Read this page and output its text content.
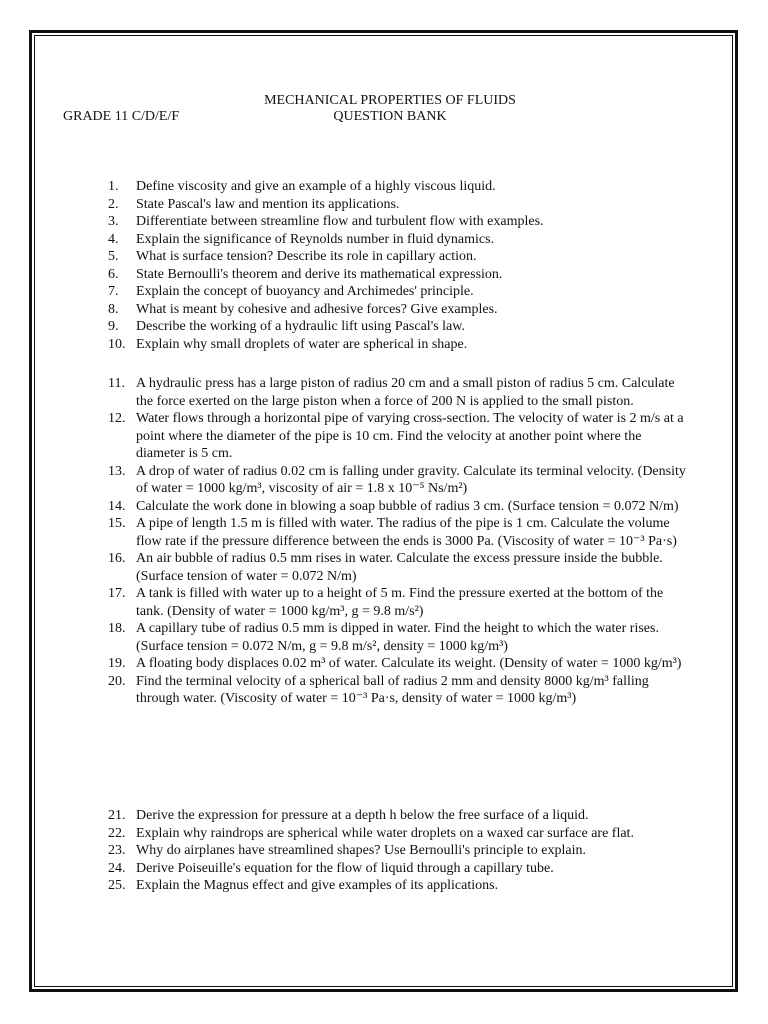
MECHANICAL PROPERTIES OF FLUIDS
QUESTION BANK
GRADE 11 C/D/E/F
1.	Define viscosity and give an example of a highly viscous liquid.
2.	State Pascal's law and mention its applications.
3.	Differentiate between streamline flow and turbulent flow with examples.
4.	Explain the significance of Reynolds number in fluid dynamics.
5.	What is surface tension? Describe its role in capillary action.
6.	State Bernoulli's theorem and derive its mathematical expression.
7.	Explain the concept of buoyancy and Archimedes' principle.
8.	What is meant by cohesive and adhesive forces? Give examples.
9.	Describe the working of a hydraulic lift using Pascal's law.
10. Explain why small droplets of water are spherical in shape.
11. A hydraulic press has a large piston of radius 20 cm and a small piston of radius 5 cm. Calculate the force exerted on the large piston when a force of 200 N is applied to the small piston.
12. Water flows through a horizontal pipe of varying cross-section. The velocity of water is 2 m/s at a point where the diameter of the pipe is 10 cm. Find the velocity at another point where the diameter is 5 cm.
13. A drop of water of radius 0.02 cm is falling under gravity. Calculate its terminal velocity. (Density of water = 1000 kg/m³, viscosity of air = 1.8 x 10⁻⁵ Ns/m²)
14. Calculate the work done in blowing a soap bubble of radius 3 cm. (Surface tension = 0.072 N/m)
15. A pipe of length 1.5 m is filled with water. The radius of the pipe is 1 cm. Calculate the volume flow rate if the pressure difference between the ends is 3000 Pa. (Viscosity of water = 10⁻³ Pa·s)
16. An air bubble of radius 0.5 mm rises in water. Calculate the excess pressure inside the bubble. (Surface tension of water = 0.072 N/m)
17. A tank is filled with water up to a height of 5 m. Find the pressure exerted at the bottom of the tank. (Density of water = 1000 kg/m³, g = 9.8 m/s²)
18. A capillary tube of radius 0.5 mm is dipped in water. Find the height to which the water rises. (Surface tension = 0.072 N/m, g = 9.8 m/s², density = 1000 kg/m³)
19. A floating body displaces 0.02 m³ of water. Calculate its weight. (Density of water = 1000 kg/m³)
20. Find the terminal velocity of a spherical ball of radius 2 mm and density 8000 kg/m³ falling through water. (Viscosity of water = 10⁻³ Pa·s, density of water = 1000 kg/m³)
21. Derive the expression for pressure at a depth h below the free surface of a liquid.
22. Explain why raindrops are spherical while water droplets on a waxed car surface are flat.
23. Why do airplanes have streamlined shapes? Use Bernoulli's principle to explain.
24. Derive Poiseuille's equation for the flow of liquid through a capillary tube.
25. Explain the Magnus effect and give examples of its applications.
